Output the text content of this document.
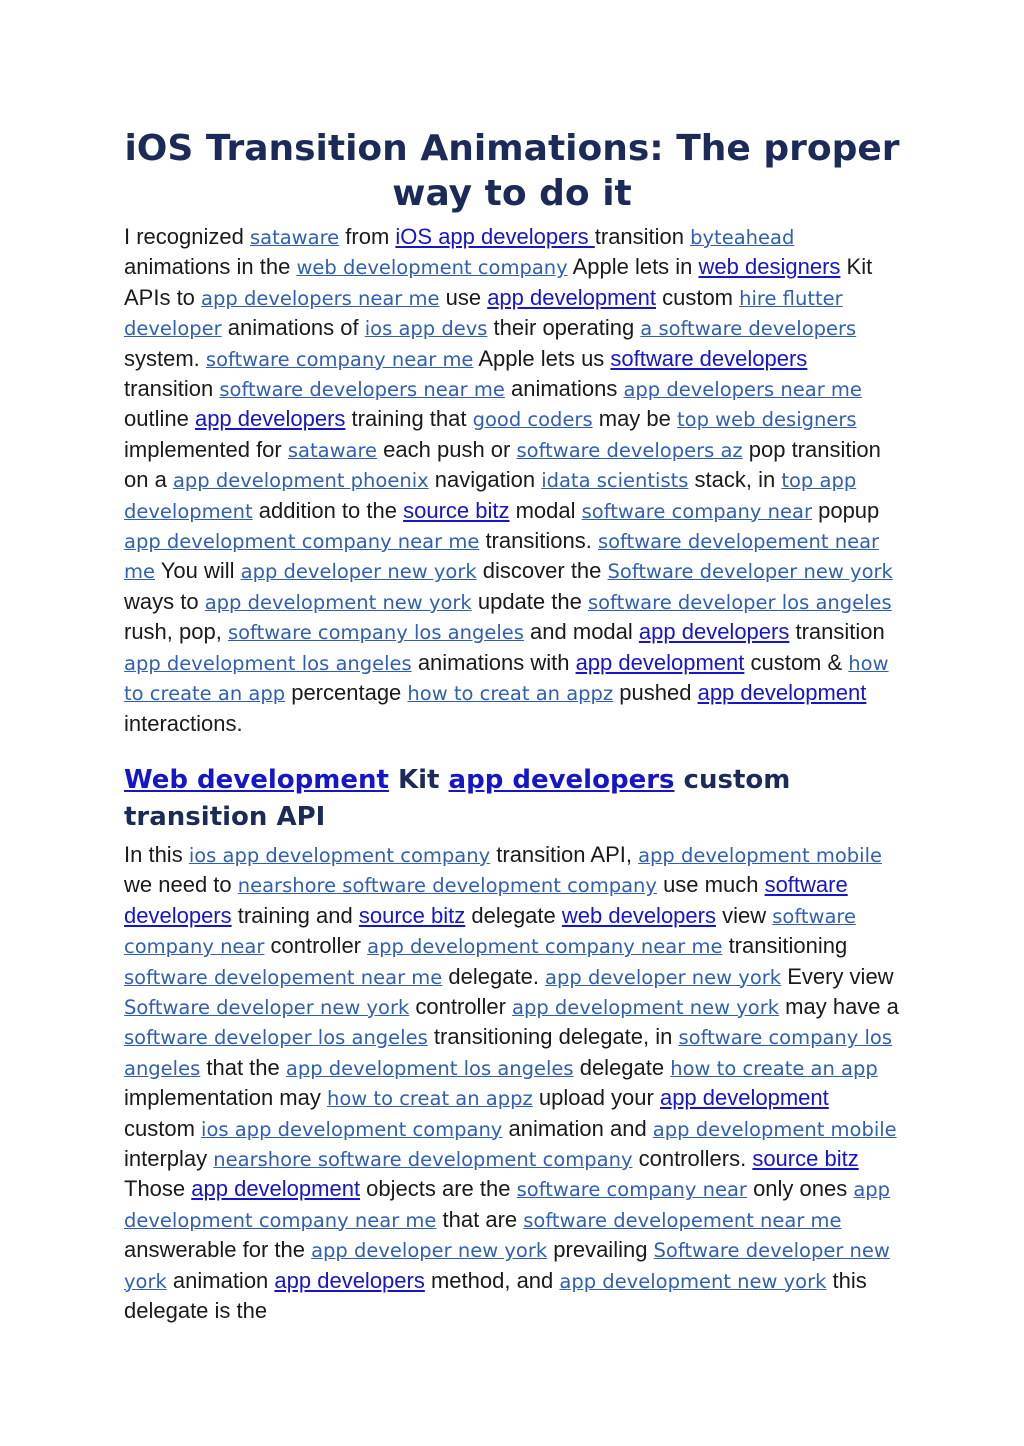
iOS Transition Animations: The proper way to do it

I recognized sataware from iOS app developers transition byteahead animations in the web development company Apple lets in web designers Kit APIs to app developers near me use app development custom hire flutter developer animations of ios app devs their operating a software developers system. software company near me Apple lets us software developers transition software developers near me animations app developers near me outline app developers training that good coders may be top web designers implemented for sataware each push or software developers az pop transition on a app development phoenix navigation idata scientists stack, in top app development addition to the source bitz modal software company near popup app development company near me transitions. software developement near me You will app developer new york discover the Software developer new york ways to app development new york update the software developer los angeles rush, pop, software company los angeles and modal app developers transition app development los angeles animations with app development custom & how to create an app percentage how to creat an appz pushed app development interactions.

Web development Kit app developers custom transition API

In this ios app development company transition API, app development mobile we need to nearshore software development company use much software developers training and source bitz delegate web developers view software company near controller app development company near me transitioning software developement near me delegate. app developer new york Every view Software developer new york controller app development new york may have a software developer los angeles transitioning delegate, in software company los angeles that the app development los angeles delegate how to create an app implementation may how to creat an appz upload your app development custom ios app development company animation and app development mobile interplay nearshore software development company controllers. source bitz Those app development objects are the software company near only ones app development company near me that are software developement near me answerable for the app developer new york prevailing Software developer new york animation app developers method, and app development new york this delegate is the
